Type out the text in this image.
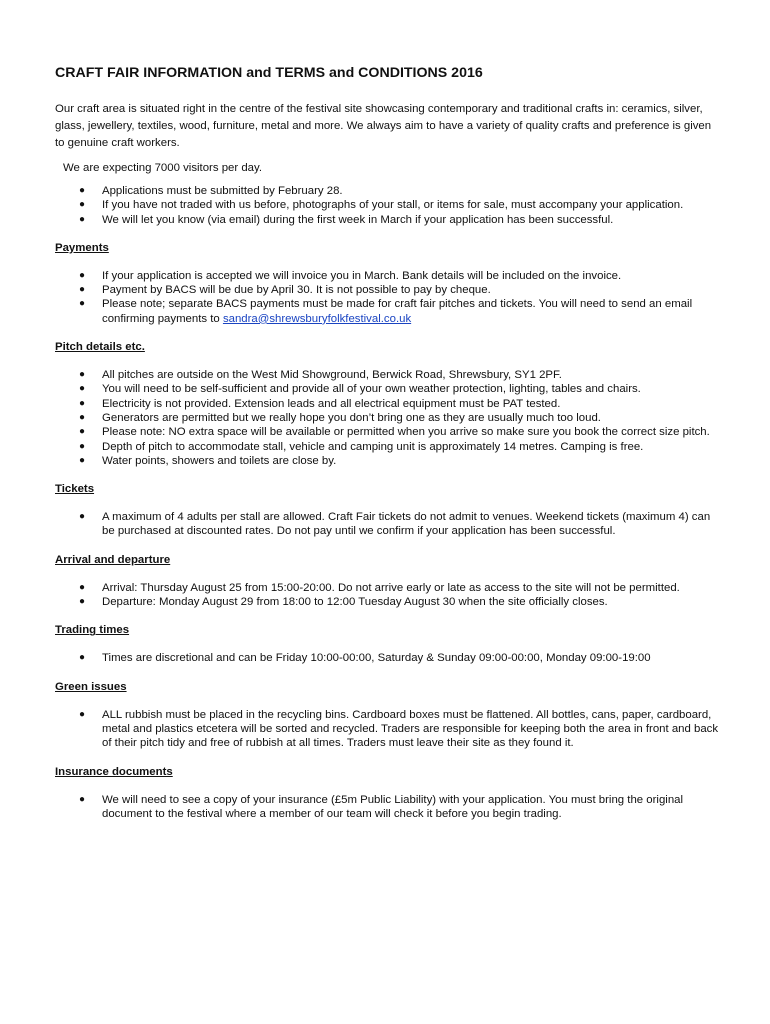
CRAFT FAIR INFORMATION and TERMS and CONDITIONS 2016

Our craft area is situated right in the centre of the festival site showcasing contemporary and traditional crafts in: ceramics, silver, glass, jewellery, textiles, wood, furniture, metal and more. We always aim to have a variety of quality crafts and preference is given to genuine craft workers.

We are expecting 7000 visitors per day.

● Applications must be submitted by February 28.
● If you have not traded with us before, photographs of your stall, or items for sale, must accompany your application.
● We will let you know (via email) during the first week in March if your application has been successful.
Payments
● If your application is accepted we will invoice you in March. Bank details will be included on the invoice.
● Payment by BACS will be due by April 30. It is not possible to pay by cheque.
● Please note; separate BACS payments must be made for craft fair pitches and tickets. You will need to send an email confirming payments to sandra@shrewsburyfolkfestival.co.uk
Pitch details etc.
● All pitches are outside on the West Mid Showground, Berwick Road, Shrewsbury, SY1 2PF.
● You will need to be self-sufficient and provide all of your own weather protection, lighting, tables and chairs.
● Electricity is not provided. Extension leads and all electrical equipment must be PAT tested.
● Generators are permitted but we really hope you don’t bring one as they are usually much too loud.
● Please note: NO extra space will be available or permitted when you arrive so make sure you book the correct size pitch.
● Depth of pitch to accommodate stall, vehicle and camping unit is approximately 14 metres. Camping is free.
● Water points, showers and toilets are close by.
Tickets
● A maximum of 4 adults per stall are allowed. Craft Fair tickets do not admit to venues. Weekend tickets (maximum 4) can be purchased at discounted rates. Do not pay until we confirm if your application has been successful.
Arrival and departure
● Arrival: Thursday August 25 from 15:00-20:00. Do not arrive early or late as access to the site will not be permitted.
● Departure: Monday August 29 from 18:00 to 12:00 Tuesday August 30 when the site officially closes.
Trading times
● Times are discretional and can be Friday 10:00-00:00, Saturday & Sunday 09:00-00:00, Monday 09:00-19:00
Green issues
● ALL rubbish must be placed in the recycling bins. Cardboard boxes must be flattened. All bottles, cans, paper, cardboard, metal and plastics etcetera will be sorted and recycled. Traders are responsible for keeping both the area in front and back of their pitch tidy and free of rubbish at all times. Traders must leave their site as they found it.
Insurance documents
● We will need to see a copy of your insurance (£5m Public Liability) with your application. You must bring the original document to the festival where a member of our team will check it before you begin trading.
